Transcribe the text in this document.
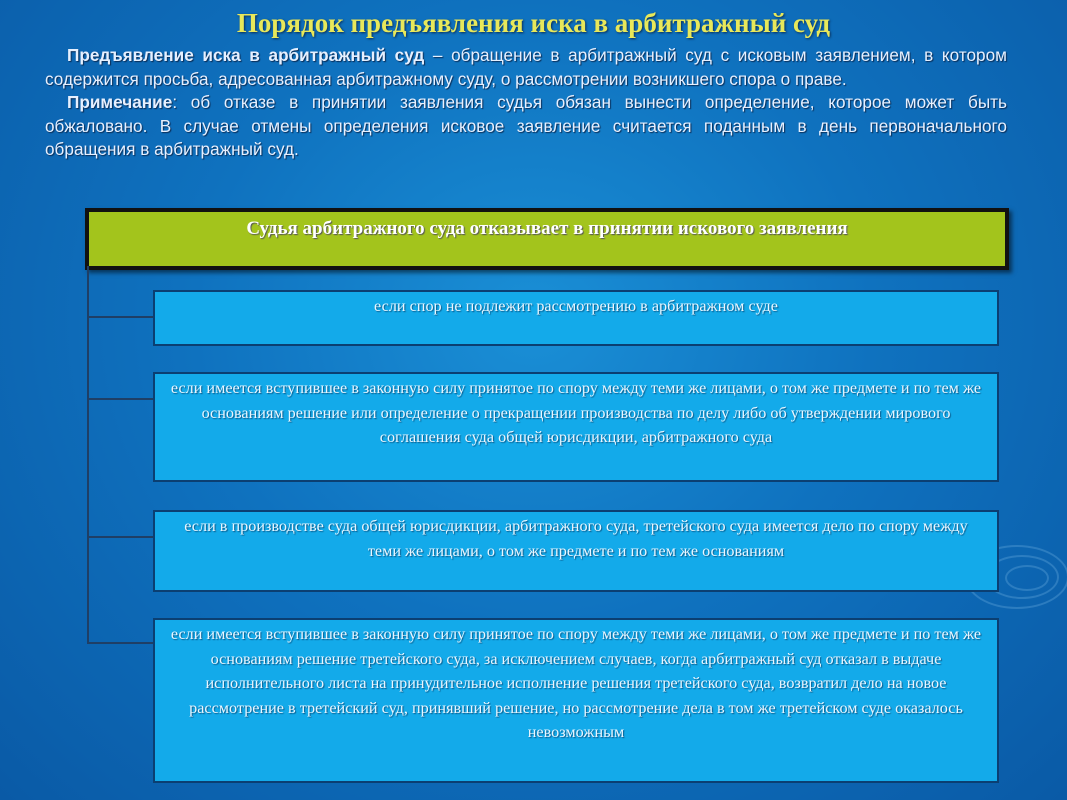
Порядок предъявления иска в арбитражный суд

Предъявление иска в арбитражный суд – обращение в арбитражный суд с исковым заявлением, в котором содержится просьба, адресованная арбитражному суду, о рассмотрении возникшего спора о праве.

Примечание: об отказе в принятии заявления судья обязан вынести определение, которое может быть обжаловано. В случае отмены определения исковое заявление считается поданным в день первоначального обращения в арбитражный суд.

Судья арбитражного суда отказывает в принятии искового заявления
если спор не подлежит рассмотрению в арбитражном суде
если имеется вступившее в законную силу принятое по спору между теми же лицами, о том же предмете и по тем же основаниям решение или определение о прекращении производства по делу либо об утверждении мирового соглашения суда общей юрисдикции, арбитражного суда
если в производстве суда общей юрисдикции, арбитражного суда, третейского суда имеется дело по спору между теми же лицами, о том же предмете и по тем же основаниям
если имеется вступившее в законную силу принятое по спору между теми же лицами, о том же предмете и по тем же основаниям решение третейского суда, за исключением случаев, когда арбитражный суд отказал в выдаче исполнительного листа на принудительное исполнение решения третейского суда, возвратил дело на новое рассмотрение в третейский суд, принявший решение, но рассмотрение дела в том же третейском суде оказалось невозможным
